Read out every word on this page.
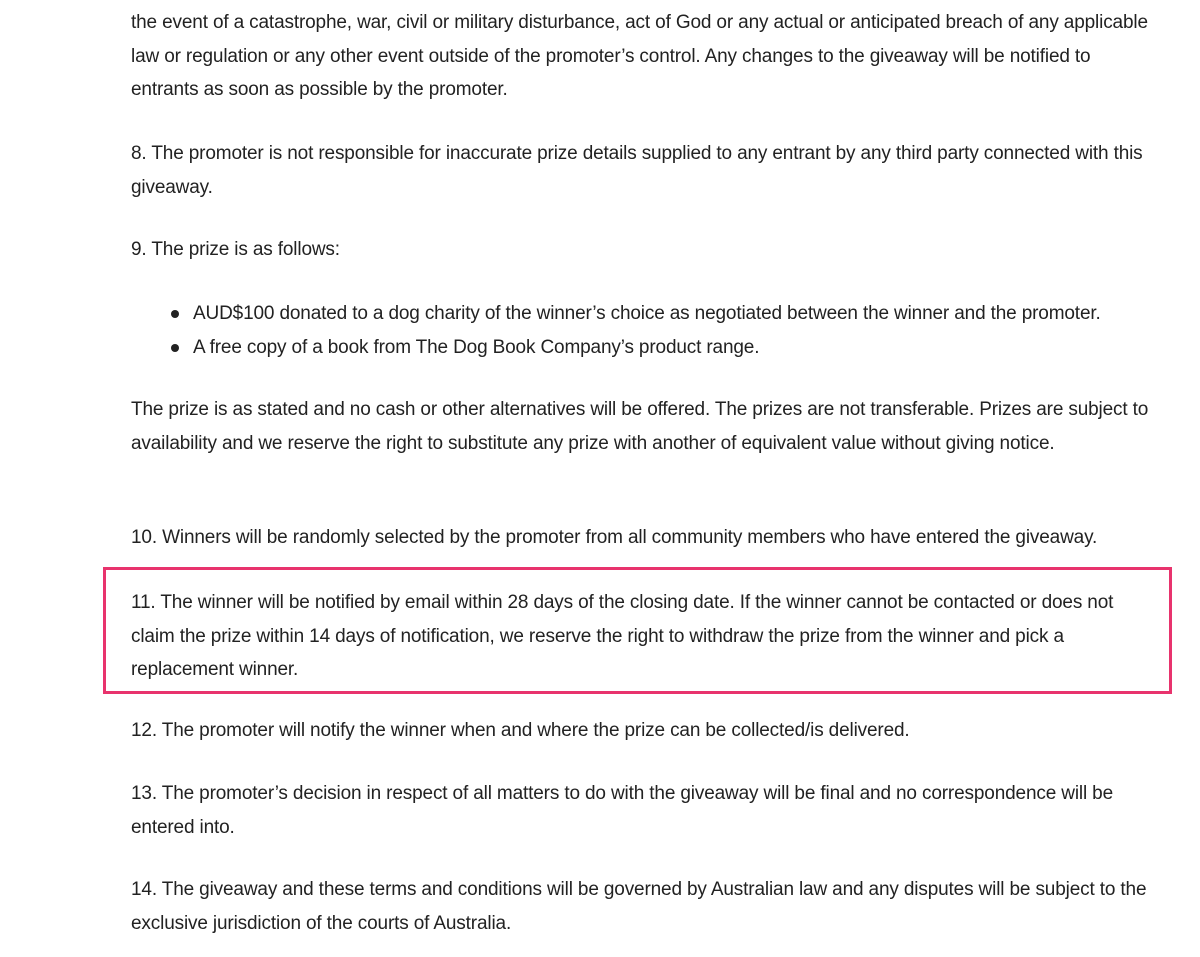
the event of a catastrophe, war, civil or military disturbance, act of God or any actual or anticipated breach of any applicable law or regulation or any other event outside of the promoter’s control. Any changes to the giveaway will be notified to entrants as soon as possible by the promoter.

8. The promoter is not responsible for inaccurate prize details supplied to any entrant by any third party connected with this giveaway.

9. The prize is as follows:

AUD$100 donated to a dog charity of the winner’s choice as negotiated between the winner and the promoter.
A free copy of a book from The Dog Book Company’s product range.

The prize is as stated and no cash or other alternatives will be offered. The prizes are not transferable. Prizes are subject to availability and we reserve the right to substitute any prize with another of equivalent value without giving notice.

10. Winners will be randomly selected by the promoter from all community members who have entered the giveaway.

11. The winner will be notified by email within 28 days of the closing date. If the winner cannot be contacted or does not claim the prize within 14 days of notification, we reserve the right to withdraw the prize from the winner and pick a replacement winner.

12. The promoter will notify the winner when and where the prize can be collected/is delivered.

13. The promoter’s decision in respect of all matters to do with the giveaway will be final and no correspondence will be entered into.

14. The giveaway and these terms and conditions will be governed by Australian law and any disputes will be subject to the exclusive jurisdiction of the courts of Australia.
